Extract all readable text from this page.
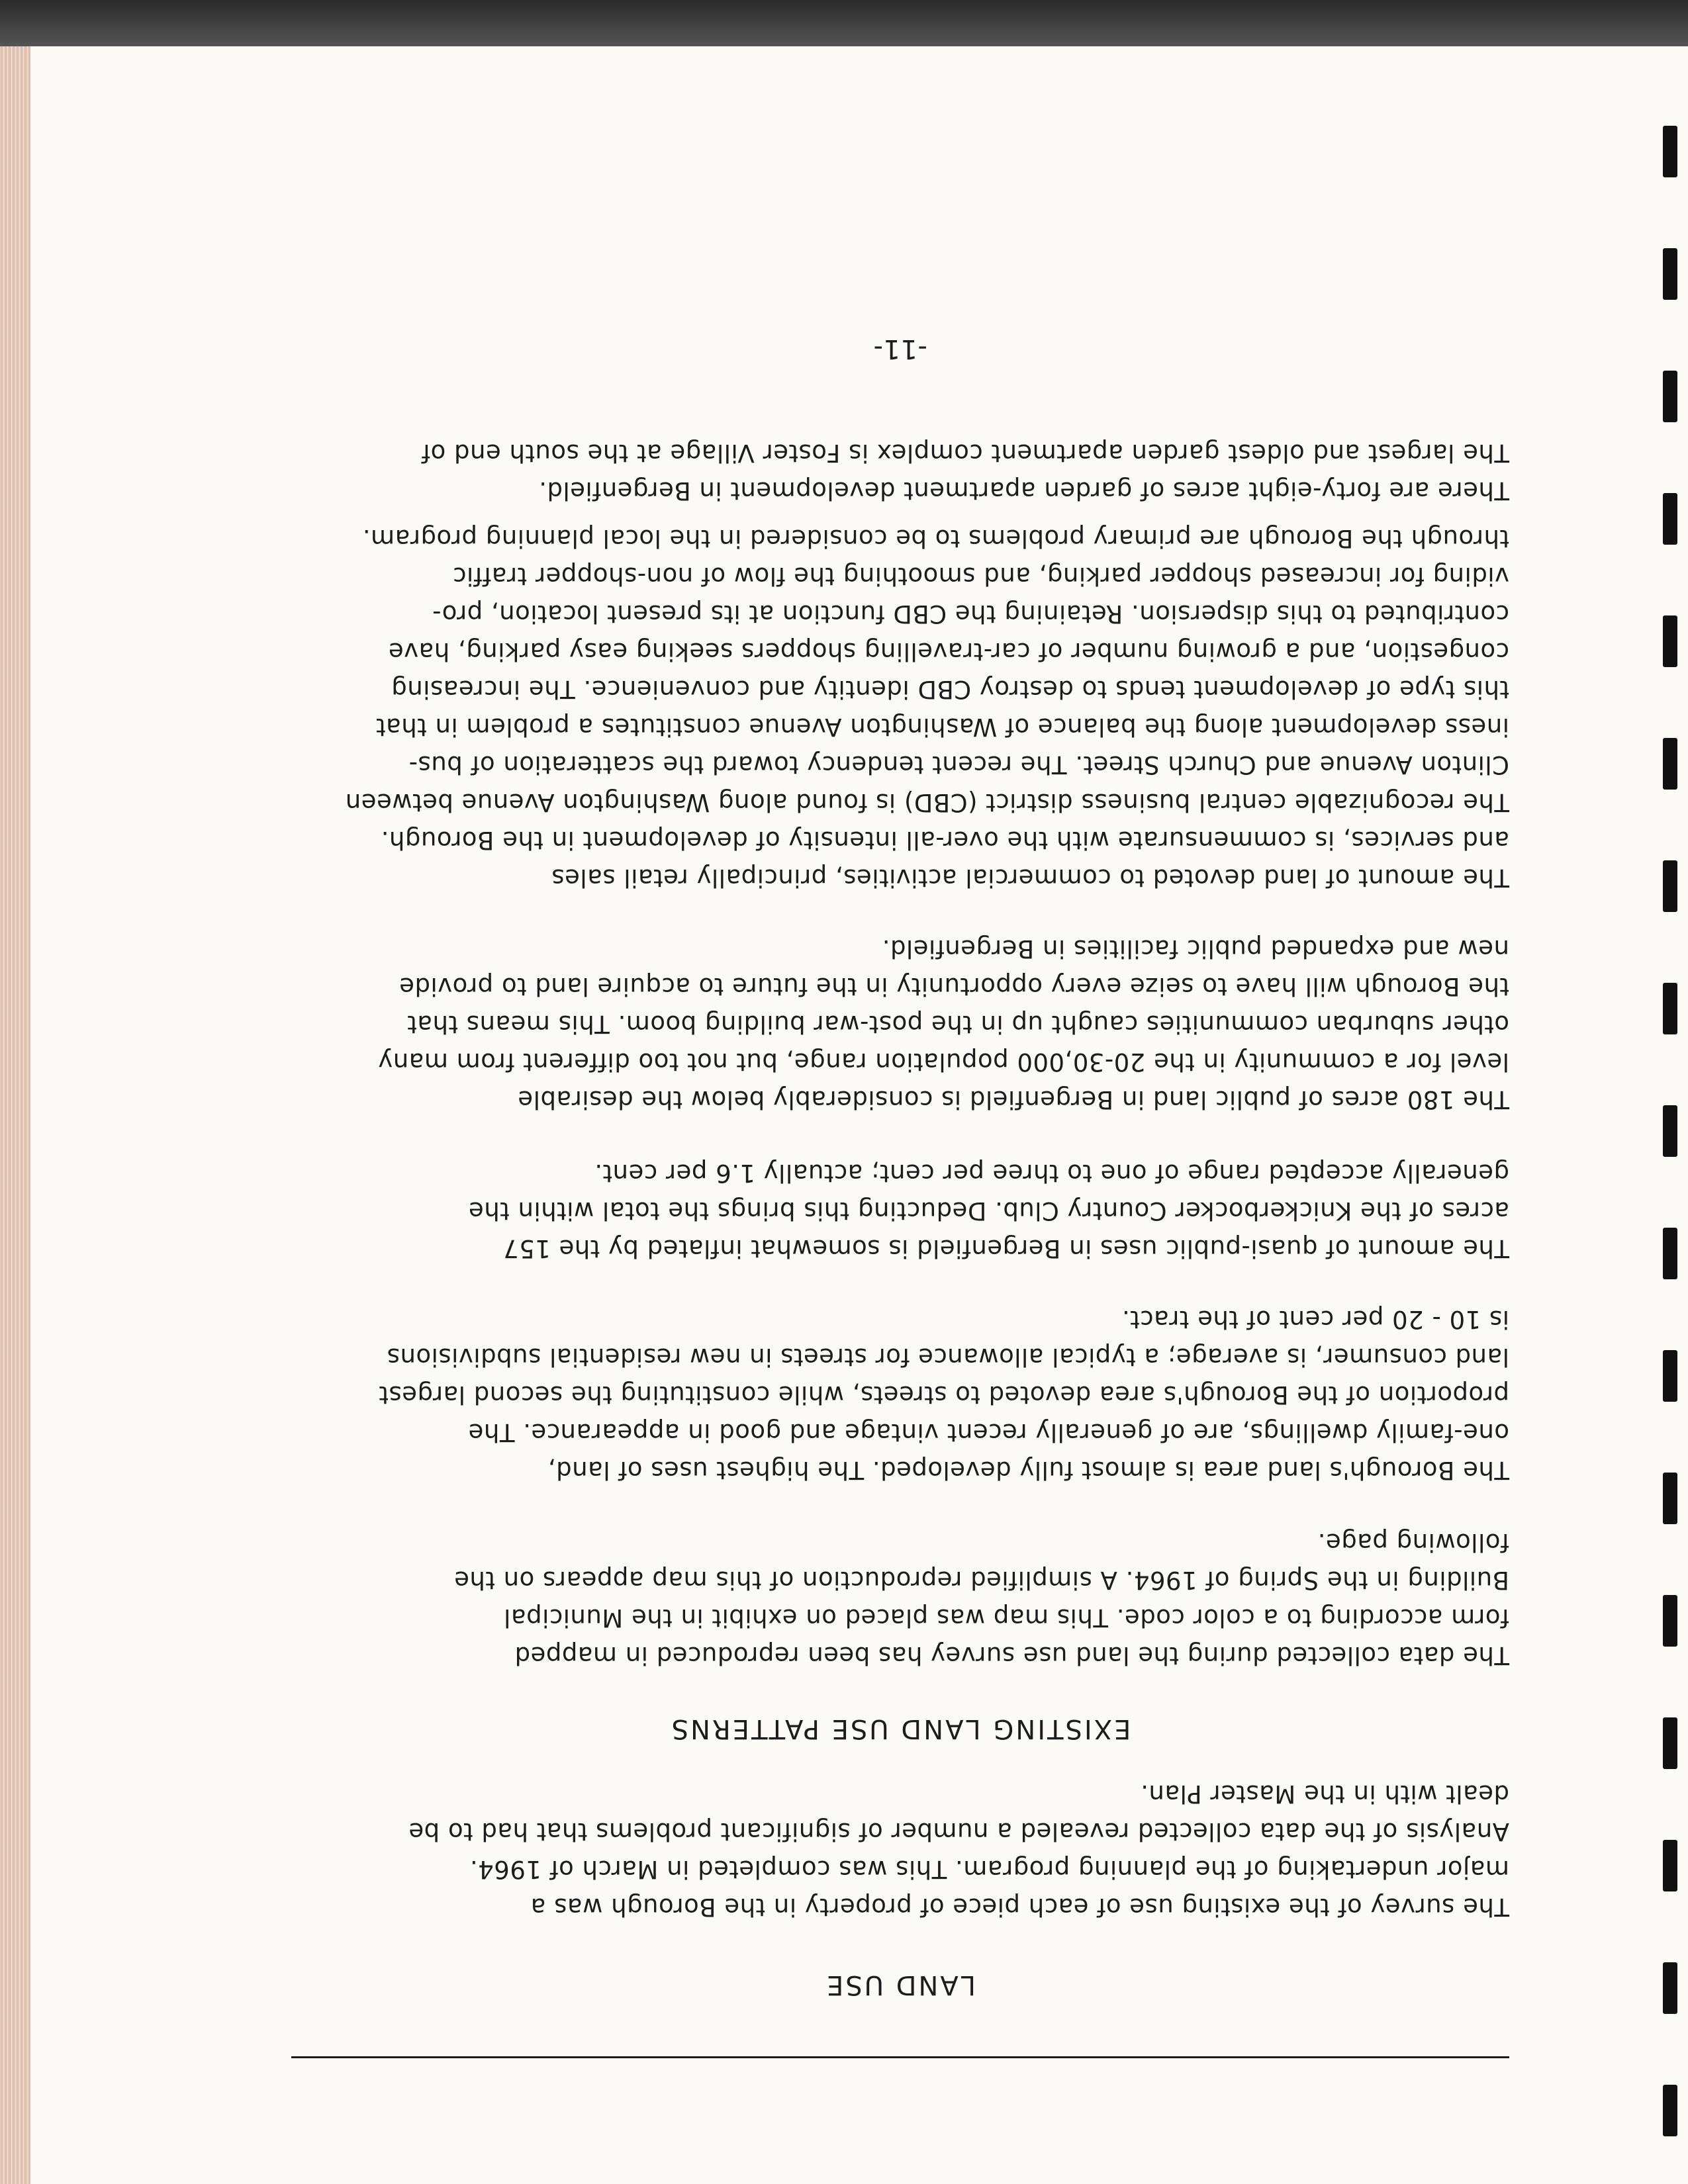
LAND USE

The survey of the existing use of each piece of property in the Borough was a
major undertaking of the planning program. This was completed in March of 1964.
Analysis of the data collected revealed a number of significant problems that had to be
dealt with in the Master Plan.

EXISTING LAND USE PATTERNS

The data collected during the land use survey has been reproduced in mapped
form according to a color code. This map was placed on exhibit in the Municipal
Building in the Spring of 1964. A simplified reproduction of this map appears on the
following page.

The Borough's land area is almost fully developed. The highest uses of land,
one-family dwellings, are of generally recent vintage and good in appearance. The
proportion of the Borough's area devoted to streets, while constituting the second largest
land consumer, is average; a typical allowance for streets in new residential subdivisions
is 10 - 20 per cent of the tract.

The amount of quasi-public uses in Bergenfield is somewhat inflated by the 157
acres of the Knickerbocker Country Club. Deducting this brings the total within the
generally accepted range of one to three per cent; actually 1.6 per cent.

The 180 acres of public land in Bergenfield is considerably below the desirable
level for a community in the 20-30,000 population range, but not too different from many
other suburban communities caught up in the post-war building boom. This means that
the Borough will have to seize every opportunity in the future to acquire land to provide
new and expanded public facilities in Bergenfield.

The amount of land devoted to commercial activities, principally retail sales
and services, is commensurate with the over-all intensity of development in the Borough.
The recognizable central business district (CBD) is found along Washington Avenue between
Clinton Avenue and Church Street. The recent tendency toward the scatteration of bus-
iness development along the balance of Washington Avenue constitutes a problem in that
this type of development tends to destroy CBD identity and convenience. The increasing
congestion, and a growing number of car-travelling shoppers seeking easy parking, have
contributed to this dispersion. Retaining the CBD function at its present location, pro-
viding for increased shopper parking, and smoothing the flow of non-shopper traffic
through the Borough are primary problems to be considered in the local planning program.

There are forty-eight acres of garden apartment development in Bergenfield.
The largest and oldest garden apartment complex is Foster Village at the south end of

-11-
